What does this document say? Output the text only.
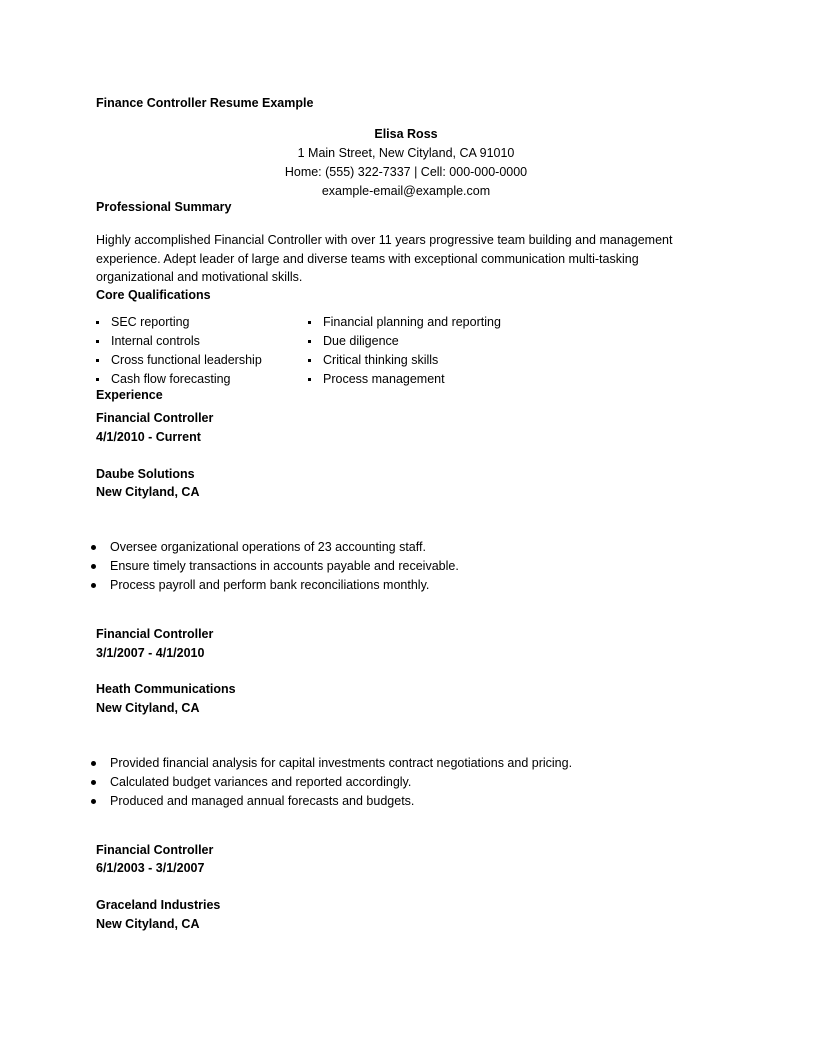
Finance Controller Resume Example
Elisa Ross
1 Main Street, New Cityland, CA 91010
Home: (555) 322-7337 | Cell: 000-000-0000
example-email@example.com
Professional Summary
Highly accomplished Financial Controller with over 11 years progressive team building and management
experience. Adept leader of large and diverse teams with exceptional communication multi-tasking
organizational and motivational skills.
Core Qualifications
SEC reporting
Internal controls
Cross functional leadership
Cash flow forecasting
Financial planning and reporting
Due diligence
Critical thinking skills
Process management
Experience
Financial Controller
4/1/2010 - Current
Daube Solutions
New Cityland, CA
Oversee organizational operations of 23 accounting staff.
Ensure timely transactions in accounts payable and receivable.
Process payroll and perform bank reconciliations monthly.
Financial Controller
3/1/2007 - 4/1/2010
Heath Communications
New Cityland, CA
Provided financial analysis for capital investments contract negotiations and pricing.
Calculated budget variances and reported accordingly.
Produced and managed annual forecasts and budgets.
Financial Controller
6/1/2003 - 3/1/2007
Graceland Industries
New Cityland, CA
